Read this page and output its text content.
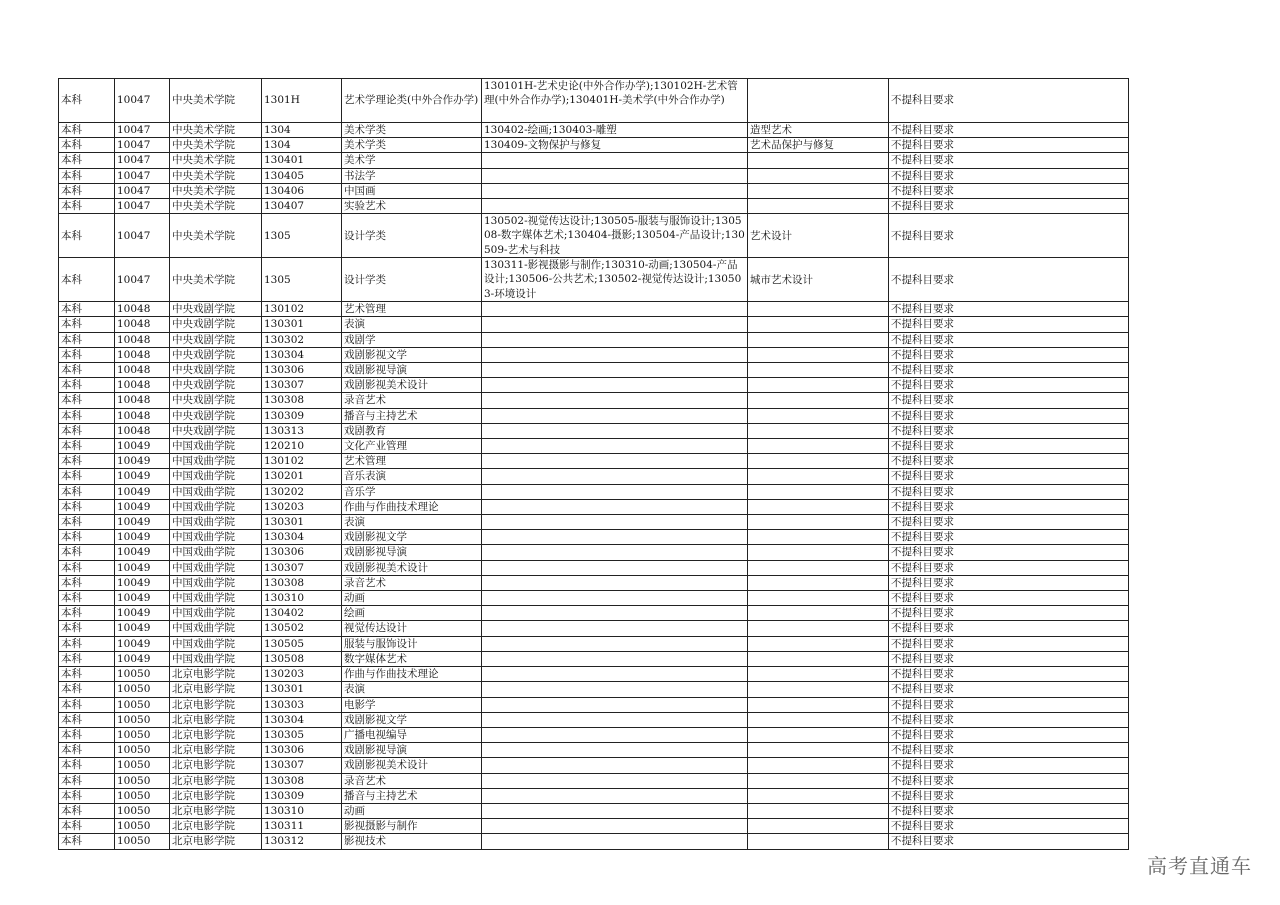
本科	10047	中央美术学院	1301H	艺术学理论类(中外合作办学)	130101H-艺术史论(中外合作办学);130102H-艺术管理(中外合作办学);130401H-美术学(中外合作办学)		不提科目要求
本科	10047	中央美术学院	1304	美术学类	130402-绘画;130403-雕塑	造型艺术	不提科目要求
本科	10047	中央美术学院	1304	美术学类	130409-文物保护与修复	艺术品保护与修复	不提科目要求
本科	10047	中央美术学院	130401	美术学			不提科目要求
本科	10047	中央美术学院	130405	书法学			不提科目要求
本科	10047	中央美术学院	130406	中国画			不提科目要求
本科	10047	中央美术学院	130407	实验艺术			不提科目要求
本科	10047	中央美术学院	1305	设计学类	130502-视觉传达设计;130505-服装与服饰设计;130508-数字媒体艺术;130404-摄影;130504-产品设计;130509-艺术与科技	艺术设计	不提科目要求
本科	10047	中央美术学院	1305	设计学类	130311-影视摄影与制作;130310-动画;130504-产品设计;130506-公共艺术;130502-视觉传达设计;130503-环境设计	城市艺术设计	不提科目要求
本科	10048	中央戏剧学院	130102	艺术管理			不提科目要求
本科	10048	中央戏剧学院	130301	表演			不提科目要求
本科	10048	中央戏剧学院	130302	戏剧学			不提科目要求
本科	10048	中央戏剧学院	130304	戏剧影视文学			不提科目要求
本科	10048	中央戏剧学院	130306	戏剧影视导演			不提科目要求
本科	10048	中央戏剧学院	130307	戏剧影视美术设计			不提科目要求
本科	10048	中央戏剧学院	130308	录音艺术			不提科目要求
本科	10048	中央戏剧学院	130309	播音与主持艺术			不提科目要求
本科	10048	中央戏剧学院	130313	戏剧教育			不提科目要求
本科	10049	中国戏曲学院	120210	文化产业管理			不提科目要求
本科	10049	中国戏曲学院	130102	艺术管理			不提科目要求
本科	10049	中国戏曲学院	130201	音乐表演			不提科目要求
本科	10049	中国戏曲学院	130202	音乐学			不提科目要求
本科	10049	中国戏曲学院	130203	作曲与作曲技术理论			不提科目要求
本科	10049	中国戏曲学院	130301	表演			不提科目要求
本科	10049	中国戏曲学院	130304	戏剧影视文学			不提科目要求
本科	10049	中国戏曲学院	130306	戏剧影视导演			不提科目要求
本科	10049	中国戏曲学院	130307	戏剧影视美术设计			不提科目要求
本科	10049	中国戏曲学院	130308	录音艺术			不提科目要求
本科	10049	中国戏曲学院	130310	动画			不提科目要求
本科	10049	中国戏曲学院	130402	绘画			不提科目要求
本科	10049	中国戏曲学院	130502	视觉传达设计			不提科目要求
本科	10049	中国戏曲学院	130505	服装与服饰设计			不提科目要求
本科	10049	中国戏曲学院	130508	数字媒体艺术			不提科目要求
本科	10050	北京电影学院	130203	作曲与作曲技术理论			不提科目要求
本科	10050	北京电影学院	130301	表演			不提科目要求
本科	10050	北京电影学院	130303	电影学			不提科目要求
本科	10050	北京电影学院	130304	戏剧影视文学			不提科目要求
本科	10050	北京电影学院	130305	广播电视编导			不提科目要求
本科	10050	北京电影学院	130306	戏剧影视导演			不提科目要求
本科	10050	北京电影学院	130307	戏剧影视美术设计			不提科目要求
本科	10050	北京电影学院	130308	录音艺术			不提科目要求
本科	10050	北京电影学院	130309	播音与主持艺术			不提科目要求
本科	10050	北京电影学院	130310	动画			不提科目要求
本科	10050	北京电影学院	130311	影视摄影与制作			不提科目要求
本科	10050	北京电影学院	130312	影视技术			不提科目要求
高考直通车
